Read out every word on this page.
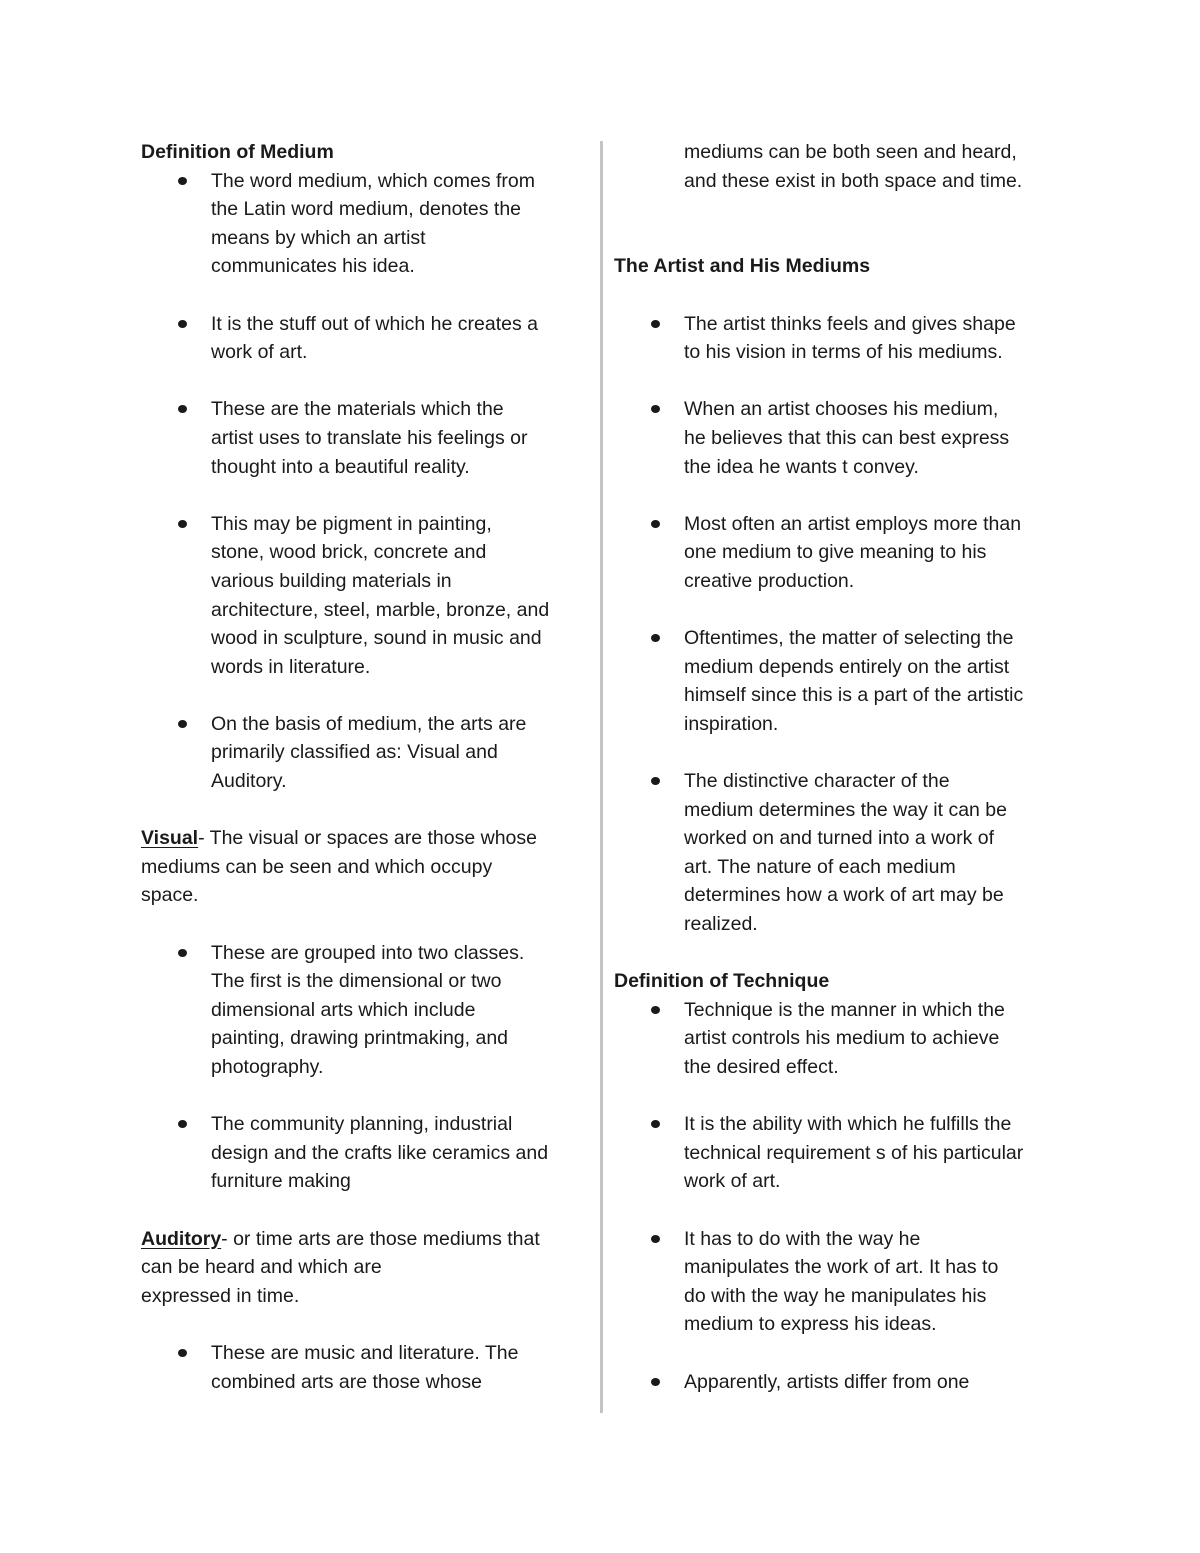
Definition of Medium
The word medium, which comes from
the Latin word medium, denotes the
means by which an artist
communicates his idea.
It is the stuff out of which he creates a
work of art.
These are the materials which the
artist uses to translate his feelings or
thought into a beautiful reality.
This may be pigment in painting,
stone, wood brick, concrete and
various building materials in
architecture, steel, marble, bronze, and
wood in sculpture, sound in music and
words in literature.
On the basis of medium, the arts are
primarily classified as: Visual and
Auditory.
Visual- The visual or spaces are those whose
mediums can be seen and which occupy
space.
These are grouped into two classes.
The first is the dimensional or two
dimensional arts which include
painting, drawing printmaking, and
photography.
The community planning, industrial
design and the crafts like ceramics and
furniture making
Auditory- or time arts are those mediums that
can be heard and which are
expressed in time.
These are music and literature. The
combined arts are those whose
mediums can be both seen and heard,
and these exist in both space and time.
The Artist and His Mediums
The artist thinks feels and gives shape
to his vision in terms of his mediums.
When an artist chooses his medium,
he believes that this can best express
the idea he wants t convey.
Most often an artist employs more than
one medium to give meaning to his
creative production.
Oftentimes, the matter of selecting the
medium depends entirely on the artist
himself since this is a part of the artistic
inspiration.
The distinctive character of the
medium determines the way it can be
worked on and turned into a work of
art. The nature of each medium
determines how a work of art may be
realized.
Definition of Technique
Technique is the manner in which the
artist controls his medium to achieve
the desired effect.
It is the ability with which he fulfills the
technical requirement s of his particular
work of art.
It has to do with the way he
manipulates the work of art. It has to
do with the way he manipulates his
medium to express his ideas.
Apparently, artists differ from one
